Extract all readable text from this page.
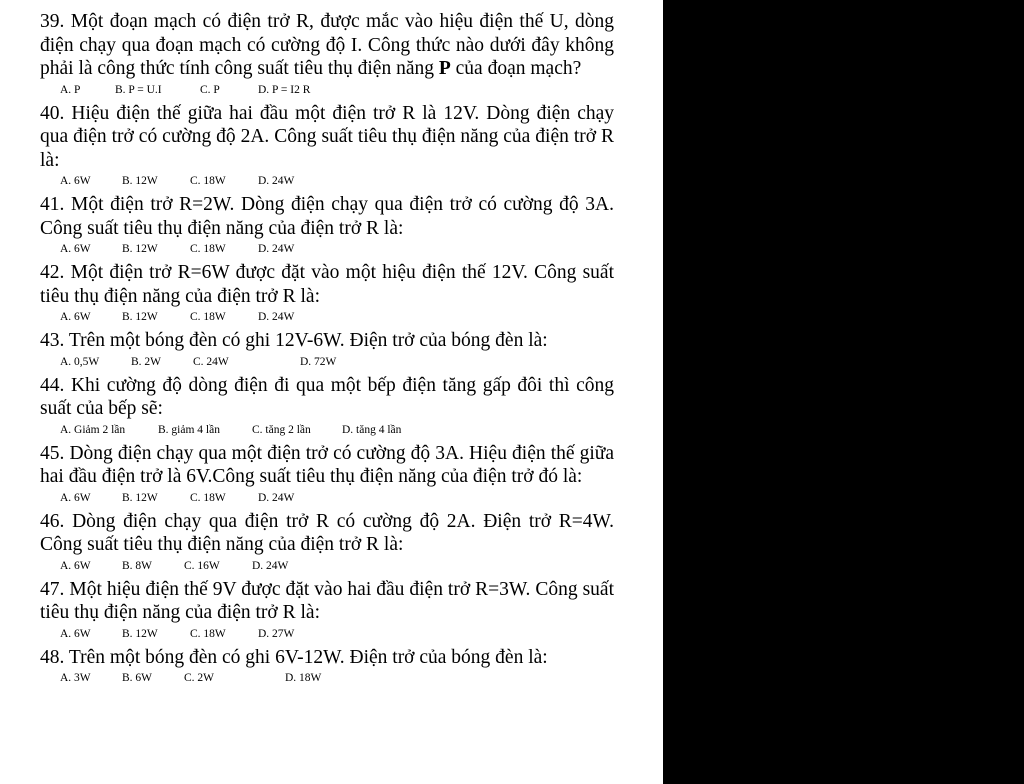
39. Một đoạn mạch có điện trở R, được mắc vào hiệu điện thế U, dòng điện chạy qua đoạn mạch có cường độ I. Công thức nào dưới đây không phải là công thức tính công suất tiêu thụ điện năng P của đoạn mạch?
A. P	B. P = U.I	C. P	D. P = I2 R
40. Hiệu điện thế giữa hai đầu một điện trở R là 12V. Dòng điện chạy qua điện trở có cường độ 2A. Công suất tiêu thụ điện năng của điện trở R là:
A. 6W	B. 12W	C. 18W	D. 24W
41. Một điện trở R=2W. Dòng điện chạy qua điện trở có cường độ 3A. Công suất tiêu thụ điện năng của điện trở R là:
A. 6W	B. 12W	C. 18W	D. 24W
42. Một điện trở R=6W được đặt vào một hiệu điện thế 12V. Công suất tiêu thụ điện năng của điện trở R là:
A. 6W	B. 12W	C. 18W	D. 24W
43. Trên một bóng đèn có ghi 12V-6W. Điện trở của bóng đèn là:
A. 0,5W	B. 2W	C. 24W	D. 72W
44. Khi cường độ dòng điện đi qua một bếp điện tăng gấp đôi thì công suất của bếp sẽ:
A. Giảm 2 lần	B. giảm 4 lần	C. tăng 2 lần	D. tăng 4 lần
45. Dòng điện chạy qua một điện trở có cường độ 3A. Hiệu điện thế giữa hai đầu điện trở là 6V.Công suất tiêu thụ điện năng của điện trở đó là:
A. 6W	B. 12W	C. 18W	D. 24W
46. Dòng điện chạy qua điện trở R có cường độ 2A. Điện trở R=4W. Công suất tiêu thụ điện năng của điện trở R là:
A. 6W	B. 8W	C. 16W	D. 24W
47. Một hiệu điện thế 9V được đặt vào hai đầu điện trở R=3W. Công suất tiêu thụ điện năng của điện trở R là:
A. 6W	B. 12W	C. 18W	D. 27W
48. Trên một bóng đèn có ghi 6V-12W. Điện trở của bóng đèn là:
A. 3W	B. 6W	C. 2W	D. 18W
